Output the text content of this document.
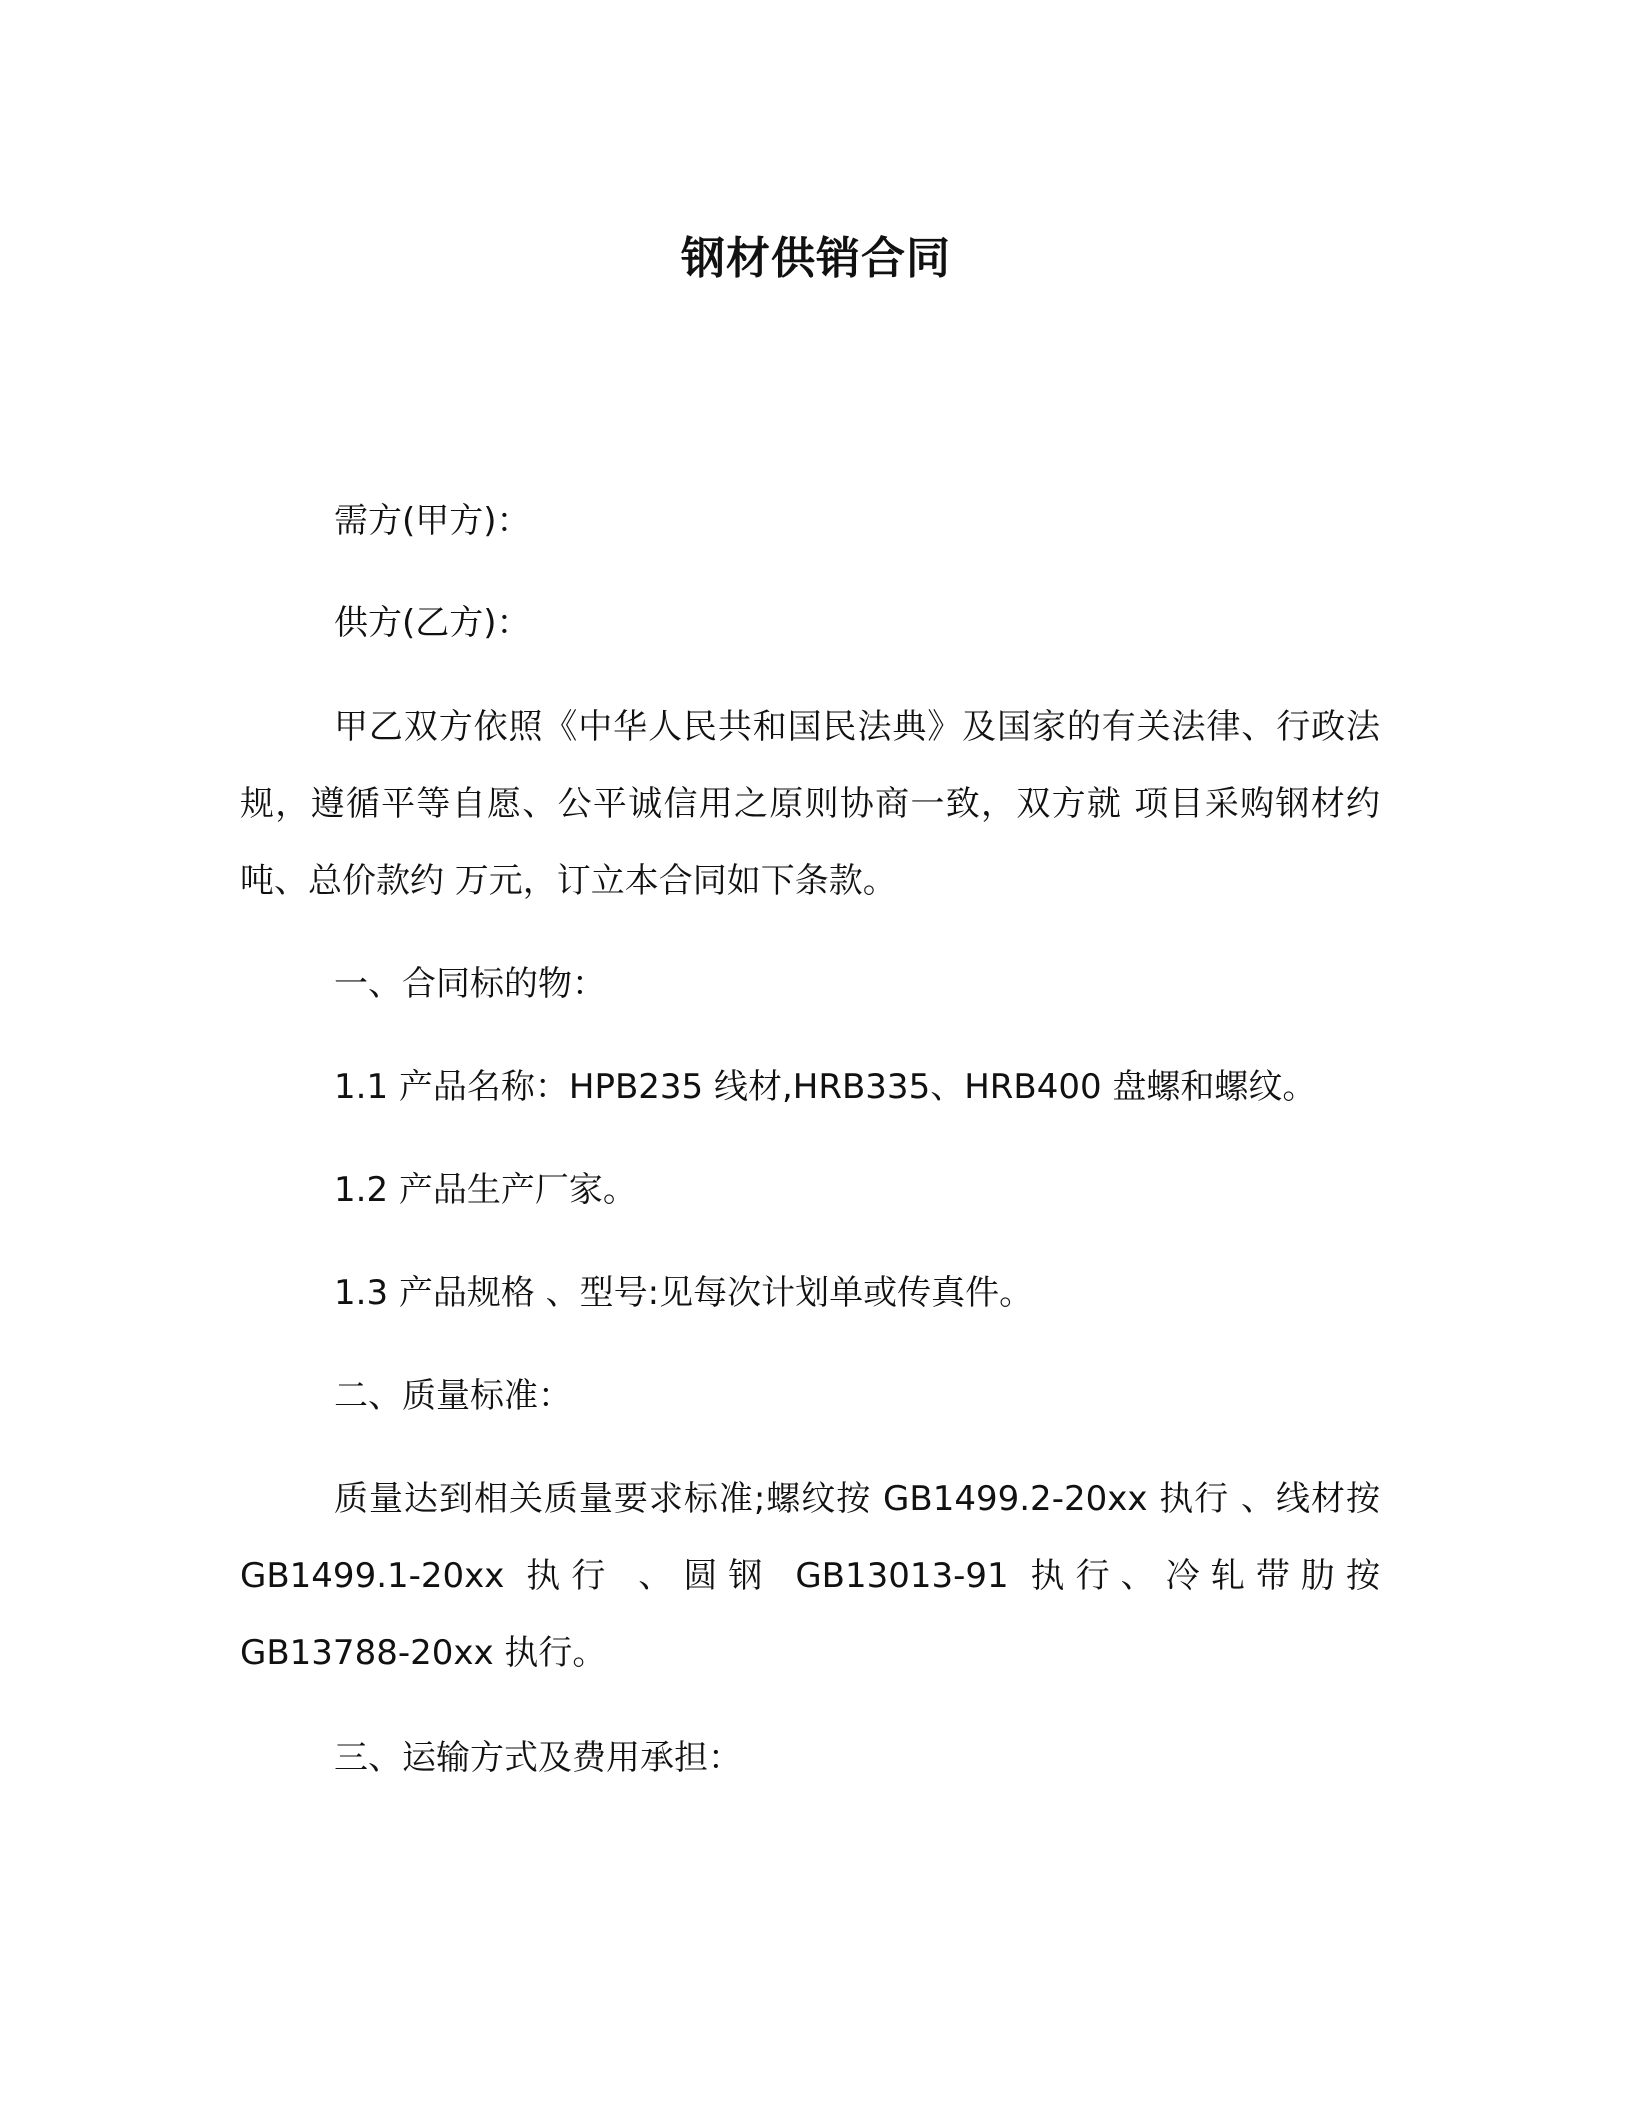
钢材供销合同
需方(甲方)：
供方(乙方)：
甲乙双方依照《中华人民共和国民法典》及国家的有关法律、行政法规，遵循平等自愿、公平诚信用之原则协商一致，双方就 项目采购钢材约 吨、总价款约 万元，订立本合同如下条款。
一、合同标的物：
1.1 产品名称：HPB235 线材,HRB335、HRB400 盘螺和螺纹。
1.2 产品生产厂家。
1.3 产品规格 、型号:见每次计划单或传真件。
二、质量标准：
质量达到相关质量要求标准;螺纹按 GB1499.2-20xx 执行 、线材按 GB1499.1-20xx 执行 、圆钢 GB13013-91 执行、冷轧带肋按 GB13788-20xx 执行。
三、运输方式及费用承担：
